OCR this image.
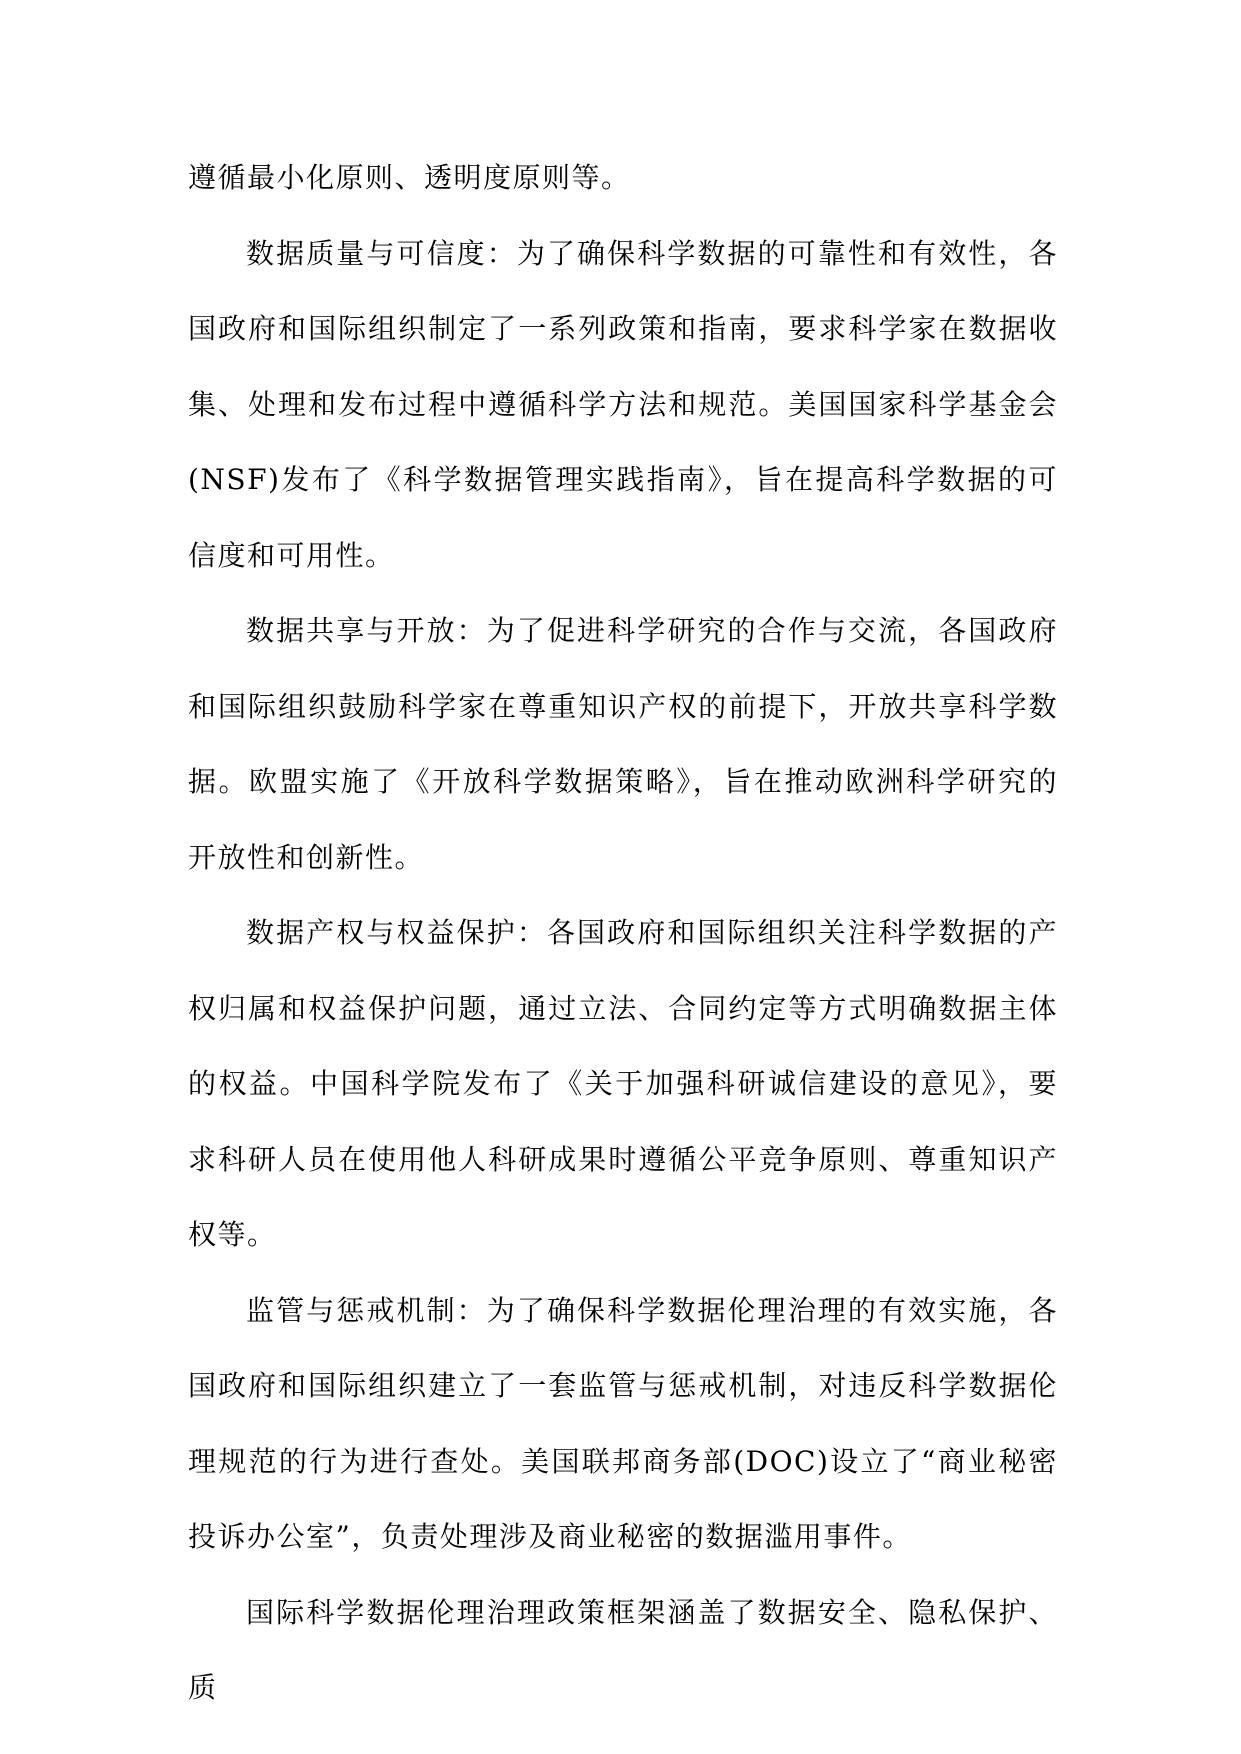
遵循最小化原则、透明度原则等。

数据质量与可信度：为了确保科学数据的可靠性和有效性，各国政府和国际组织制定了一系列政策和指南，要求科学家在数据收集、处理和发布过程中遵循科学方法和规范。美国国家科学基金会(NSF)发布了《科学数据管理实践指南》，旨在提高科学数据的可信度和可用性。

数据共享与开放：为了促进科学研究的合作与交流，各国政府和国际组织鼓励科学家在尊重知识产权的前提下，开放共享科学数据。欧盟实施了《开放科学数据策略》，旨在推动欧洲科学研究的开放性和创新性。

数据产权与权益保护：各国政府和国际组织关注科学数据的产权归属和权益保护问题，通过立法、合同约定等方式明确数据主体的权益。中国科学院发布了《关于加强科研诚信建设的意见》，要求科研人员在使用他人科研成果时遵循公平竞争原则、尊重知识产权等。

监管与惩戒机制：为了确保科学数据伦理治理的有效实施，各国政府和国际组织建立了一套监管与惩戒机制，对违反科学数据伦理规范的行为进行查处。美国联邦商务部(DOC)设立了“商业秘密投诉办公室”，负责处理涉及商业秘密的数据滥用事件。

国际科学数据伦理治理政策框架涵盖了数据安全、隐私保护、质
